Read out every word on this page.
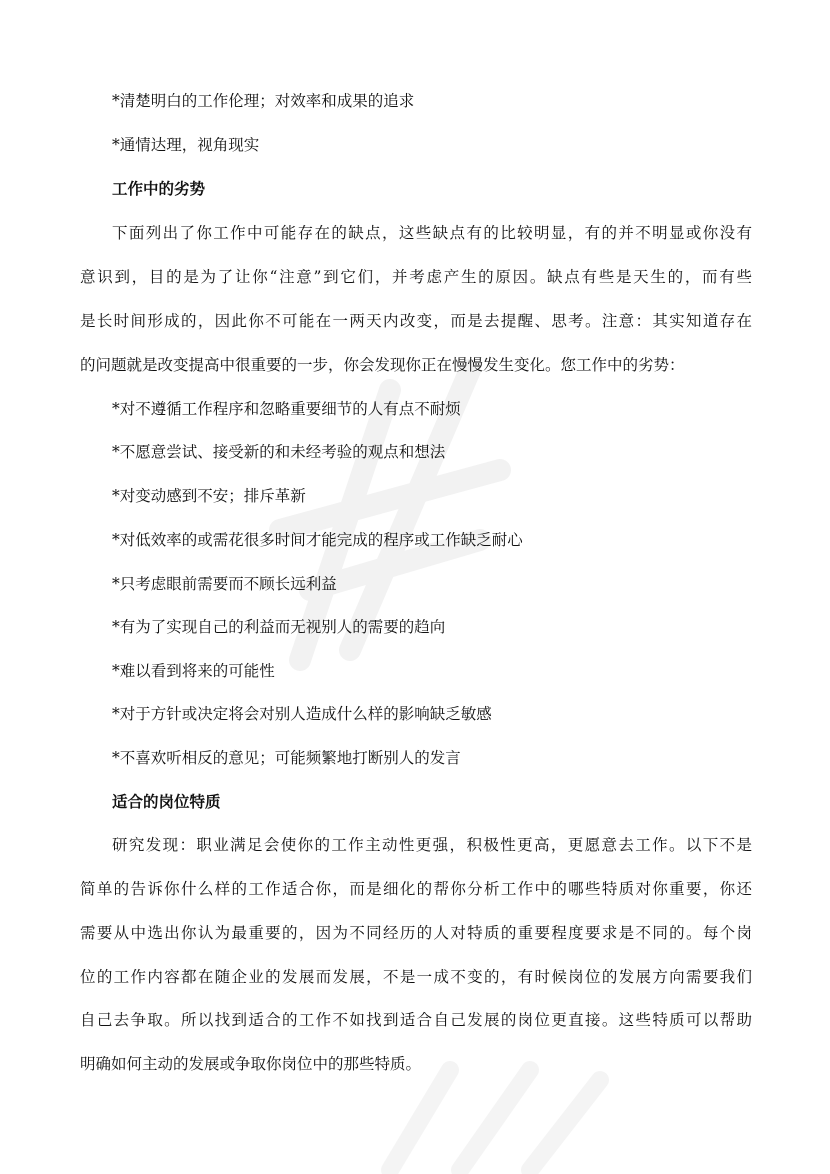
*清楚明白的工作伦理；对效率和成果的追求

*通情达理，视角现实

工作中的劣势

下面列出了你工作中可能存在的缺点，这些缺点有的比较明显，有的并不明显或你没有

意识到，目的是为了让你“注意”到它们，并考虑产生的原因。缺点有些是天生的，而有些

是长时间形成的，因此你不可能在一两天内改变，而是去提醒、思考。注意：其实知道存在

的问题就是改变提高中很重要的一步，你会发现你正在慢慢发生变化。您工作中的劣势：

*对不遵循工作程序和忽略重要细节的人有点不耐烦

*不愿意尝试、接受新的和未经考验的观点和想法

*对变动感到不安；排斥革新

*对低效率的或需花很多时间才能完成的程序或工作缺乏耐心

*只考虑眼前需要而不顾长远利益

*有为了实现自己的利益而无视别人的需要的趋向

*难以看到将来的可能性

*对于方针或决定将会对别人造成什么样的影响缺乏敏感

*不喜欢听相反的意见；可能频繁地打断别人的发言

适合的岗位特质

研究发现：职业满足会使你的工作主动性更强，积极性更高，更愿意去工作。以下不是

简单的告诉你什么样的工作适合你，而是细化的帮你分析工作中的哪些特质对你重要，你还

需要从中选出你认为最重要的，因为不同经历的人对特质的重要程度要求是不同的。每个岗

位的工作内容都在随企业的发展而发展，不是一成不变的，有时候岗位的发展方向需要我们

自己去争取。所以找到适合的工作不如找到适合自己发展的岗位更直接。这些特质可以帮助

明确如何主动的发展或争取你岗位中的那些特质。
